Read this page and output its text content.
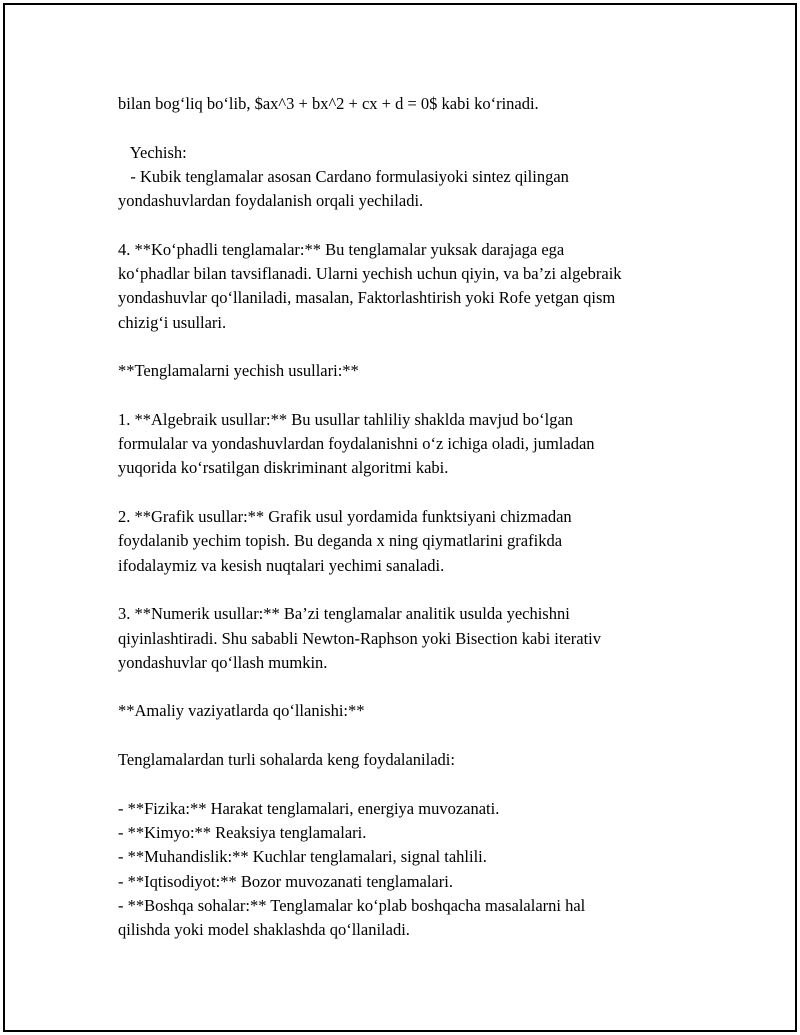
bilan bog‘liq bo‘lib, $ax^3 + bx^2 + cx + d = 0$ kabi ko‘rinadi.
Yechish:
- Kubik tenglamalar asosan Cardano formulasiyoki sintez qilingan
yondashuvlardan foydalanish orqali yechiladi.
4. **Ko‘phadli tenglamalar:** Bu tenglamalar yuksak darajaga ega
ko‘phadlar bilan tavsiflanadi. Ularni yechish uchun qiyin, va ba’zi algebraik
yondashuvlar qo‘llaniladi, masalan, Faktorlashtirish yoki Rofe yetgan qism
chizig‘i usullari.
**Tenglamalarni yechish usullari:**
1. **Algebraik usullar:** Bu usullar tahliliy shaklda mavjud bo‘lgan
formulalar va yondashuvlardan foydalanishni o‘z ichiga oladi, jumladan
yuqorida ko‘rsatilgan diskriminant algoritmi kabi.
2. **Grafik usullar:** Grafik usul yordamida funktsiyani chizmadan
foydalanib yechim topish. Bu deganda x ning qiymatlarini grafikda
ifodalaymiz va kesish nuqtalari yechimi sanaladi.
3. **Numerik usullar:** Ba’zi tenglamalar analitik usulda yechishni
qiyinlashtiradi. Shu sababli Newton-Raphson yoki Bisection kabi iterativ
yondashuvlar qo‘llash mumkin.
**Amaliy vaziyatlarda qo‘llanishi:**
Tenglamalardan turli sohalarda keng foydalaniladi:
- **Fizika:** Harakat tenglamalari, energiya muvozanati.
- **Kimyo:** Reaksiya tenglamalari.
- **Muhandislik:** Kuchlar tenglamalari, signal tahlili.
- **Iqtisodiyot:** Bozor muvozanati tenglamalari.
- **Boshqa sohalar:** Tenglamalar ko‘plab boshqacha masalalarni hal
qilishda yoki model shaklashda qo‘llaniladi.
